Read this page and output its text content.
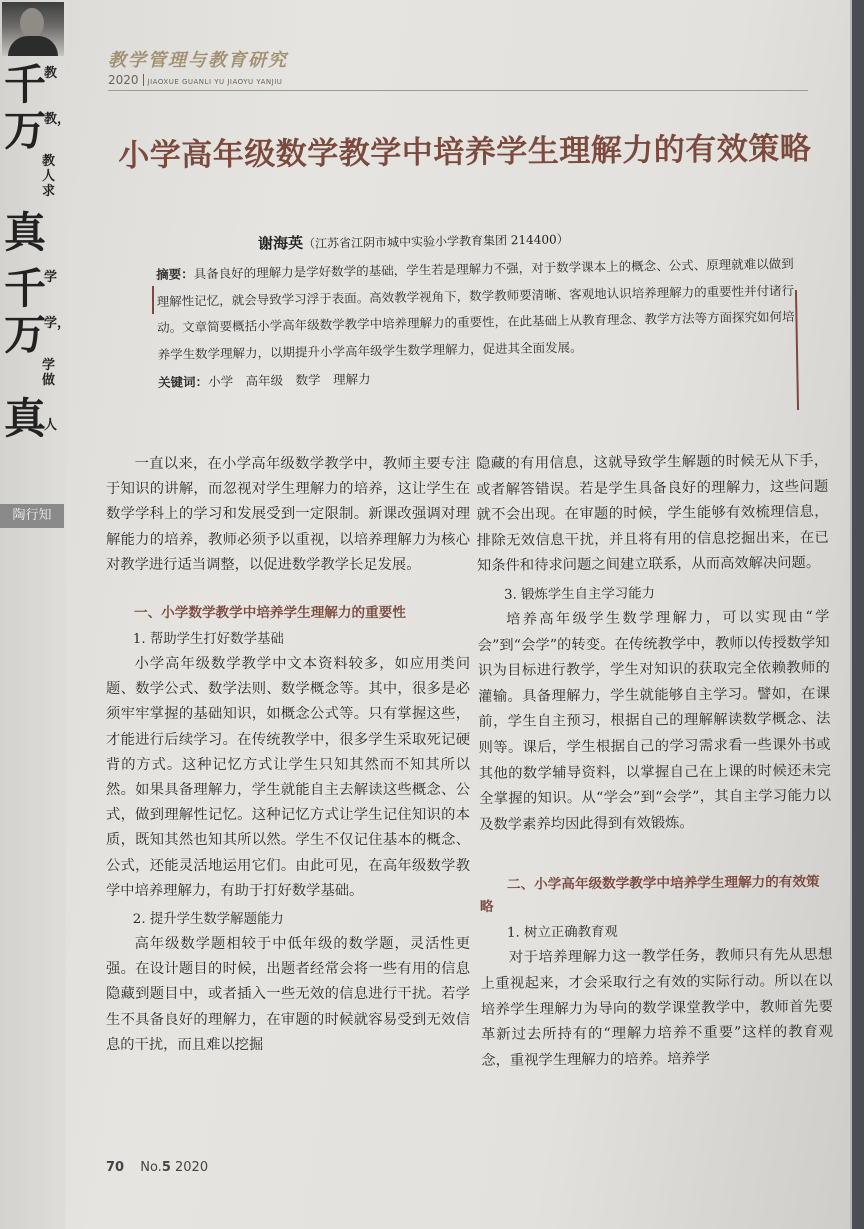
千
教
万
教，
教人求
真
千
学
万
学，
学做
真
人
陶行知
教学管理与教育研究
2020 JIAOXUE GUANLI YU JIAOYU YANJIU
小学高年级数学教学中培养学生理解力的有效策略
谢海英（江苏省江阴市城中实验小学教育集团 214400）
摘要：具备良好的理解力是学好数学的基础，学生若是理解力不强，对于数学课本上的概念、公式、原理就难以做到理解性记忆，就会导致学习浮于表面。高效教学视角下，数学教师要清晰、客观地认识培养理解力的重要性并付诸行动。文章简要概括小学高年级数学教学中培养理解力的重要性，在此基础上从教育理念、教学方法等方面探究如何培养学生数学理解力，以期提升小学高年级学生数学理解力，促进其全面发展。
关键词：小学　高年级　数学　理解力

一直以来，在小学高年级数学教学中，教师主要专注于知识的讲解，而忽视对学生理解力的培养，这让学生在数学学科上的学习和发展受到一定限制。新课改强调对理解能力的培养，教师必须予以重视，以培养理解力为核心对教学进行适当调整，以促进数学教学长足发展。

一、小学数学教学中培养学生理解力的重要性
1. 帮助学生打好数学基础

小学高年级数学教学中文本资料较多，如应用类问题、数学公式、数学法则、数学概念等。其中，很多是必须牢牢掌握的基础知识，如概念公式等。只有掌握这些，才能进行后续学习。在传统教学中，很多学生采取死记硬背的方式。这种记忆方式让学生只知其然而不知其所以然。如果具备理解力，学生就能自主去解读这些概念、公式，做到理解性记忆。这种记忆方式让学生记住知识的本质，既知其然也知其所以然。学生不仅记住基本的概念、公式，还能灵活地运用它们。由此可见，在高年级数学教学中培养理解力，有助于打好数学基础。

2. 提升学生数学解题能力

高年级数学题相较于中低年级的数学题，灵活性更强。在设计题目的时候，出题者经常会将一些有用的信息隐藏到题目中，或者插入一些无效的信息进行干扰。若学生不具备良好的理解力，在审题的时候就容易受到无效信息的干扰，而且难以挖掘

隐藏的有用信息，这就导致学生解题的时候无从下手，或者解答错误。若是学生具备良好的理解力，这些问题就不会出现。在审题的时候，学生能够有效梳理信息，排除无效信息干扰，并且将有用的信息挖掘出来，在已知条件和待求问题之间建立联系，从而高效解决问题。

3. 锻炼学生自主学习能力

培养高年级学生数学理解力，可以实现由“学会”到“会学”的转变。在传统教学中，教师以传授数学知识为目标进行教学，学生对知识的获取完全依赖教师的灌输。具备理解力，学生就能够自主学习。譬如，在课前，学生自主预习，根据自己的理解解读数学概念、法则等。课后，学生根据自己的学习需求看一些课外书或其他的数学辅导资料，以掌握自己在上课的时候还未完全掌握的知识。从“学会”到“会学”，其自主学习能力以及数学素养均因此得到有效锻炼。

二、小学高年级数学教学中培养学生理解力的有效策略
1. 树立正确教育观

对于培养理解力这一教学任务，教师只有先从思想上重视起来，才会采取行之有效的实际行动。所以在以培养学生理解力为导向的数学课堂教学中，教师首先要革新过去所持有的“理解力培养不重要”这样的教育观念，重视学生理解力的培养。培养学

70 No.5 2020
